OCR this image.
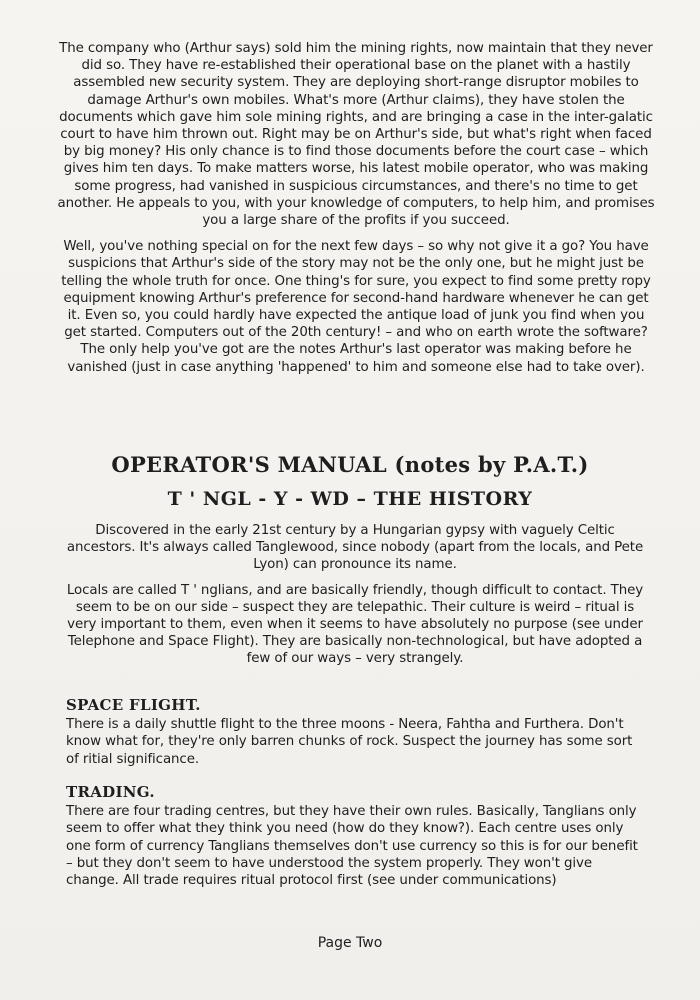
The company who (Arthur says) sold him the mining rights, now maintain that they never did so. They have re-established their operational base on the planet with a hastily assembled new security system. They are deploying short-range disruptor mobiles to damage Arthur's own mobiles. What's more (Arthur claims), they have stolen the documents which gave him sole mining rights, and are bringing a case in the inter-galatic court to have him thrown out. Right may be on Arthur's side, but what's right when faced by big money? His only chance is to find those documents before the court case – which gives him ten days. To make matters worse, his latest mobile operator, who was making some progress, had vanished in suspicious circumstances, and there's no time to get another. He appeals to you, with your knowledge of computers, to help him, and promises you a large share of the profits if you succeed.

Well, you've nothing special on for the next few days – so why not give it a go? You have suspicions that Arthur's side of the story may not be the only one, but he might just be telling the whole truth for once. One thing's for sure, you expect to find some pretty ropy equipment knowing Arthur's preference for second-hand hardware whenever he can get it. Even so, you could hardly have expected the antique load of junk you find when you get started. Computers out of the 20th century! – and who on earth wrote the software? The only help you've got are the notes Arthur's last operator was making before he vanished (just in case anything 'happened' to him and someone else had to take over).

OPERATOR'S MANUAL (notes by P.A.T.)
T ' NGL - Y - WD – THE HISTORY

Discovered in the early 21st century by a Hungarian gypsy with vaguely Celtic ancestors. It's always called Tanglewood, since nobody (apart from the locals, and Pete Lyon) can pronounce its name.

Locals are called T ' nglians, and are basically friendly, though difficult to contact. They seem to be on our side – suspect they are telepathic. Their culture is weird – ritual is very important to them, even when it seems to have absolutely no purpose (see under Telephone and Space Flight). They are basically non-technological, but have adopted a few of our ways – very strangely.

SPACE FLIGHT.

There is a daily shuttle flight to the three moons - Neera, Fahtha and Furthera. Don't know what for, they're only barren chunks of rock. Suspect the journey has some sort of ritial significance.

TRADING.

There are four trading centres, but they have their own rules. Basically, Tanglians only seem to offer what they think you need (how do they know?). Each centre uses only one form of currency Tanglians themselves don't use currency so this is for our benefit – but they don't seem to have understood the system properly. They won't give change. All trade requires ritual protocol first (see under communications)

Page Two
